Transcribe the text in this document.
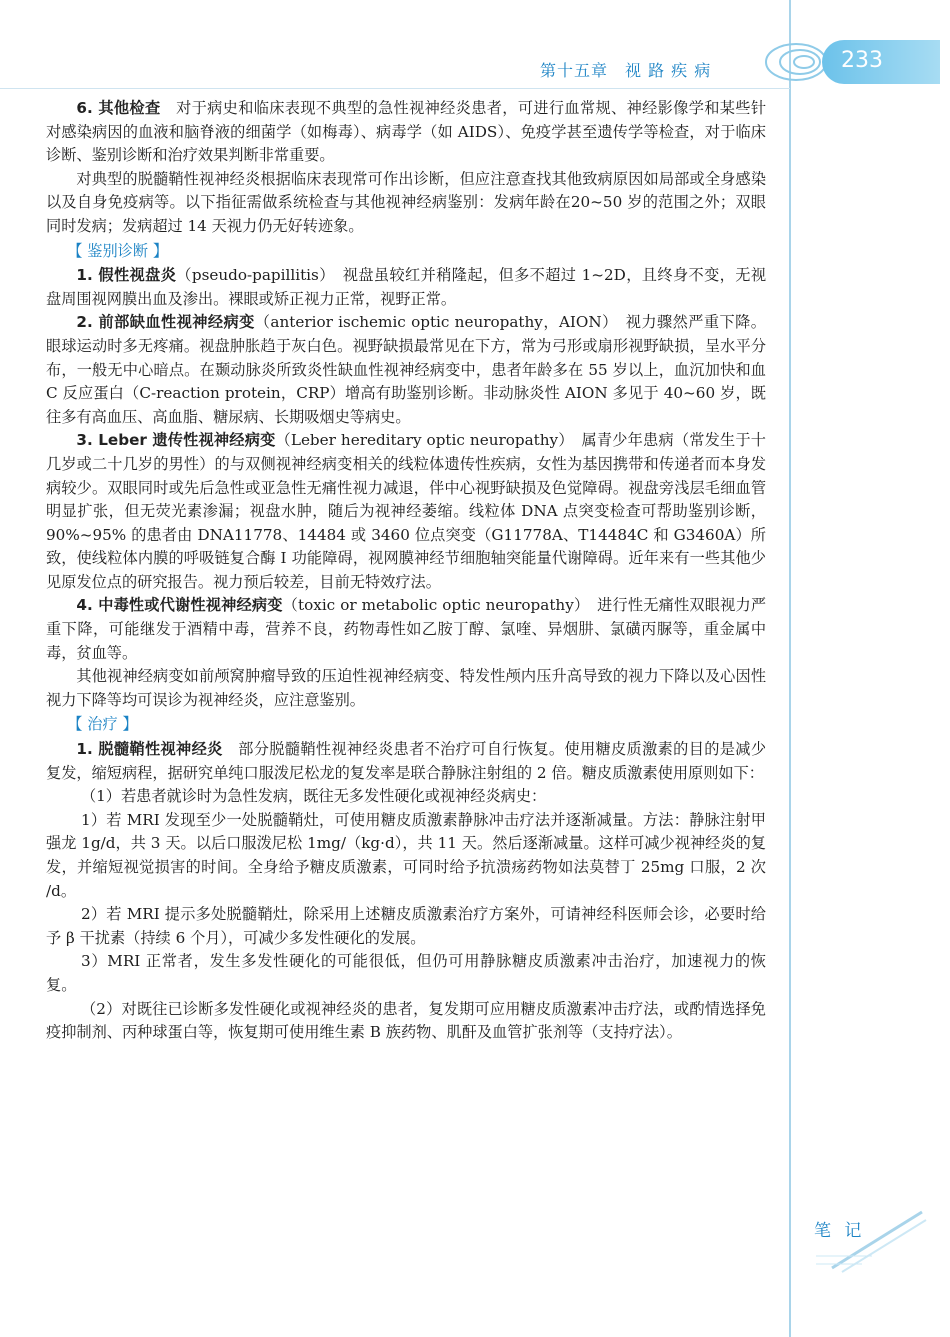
第十五章　视 路 疾 病	233

6. 其他检查　 对于病史和临床表现不典型的急性视神经炎患者，可进行血常规、神经影像学和某些针对感染病因的血液和脑脊液的细菌学（如梅毒）、病毒学（如 AIDS）、免疫学甚至遗传学等检查，对于临床诊断、鉴别诊断和治疗效果判断非常重要。

对典型的脱髓鞘性视神经炎根据临床表现常可作出诊断，但应注意查找其他致病原因如局部或全身感染以及自身免疫病等。以下指征需做系统检查与其他视神经病鉴别：发病年龄在20~50 岁的范围之外；双眼同时发病；发病超过 14 天视力仍无好转迹象。

【 鉴别诊断 】

1. 假性视盘炎（pseudo-papillitis）　视盘虽较红并稍隆起，但多不超过 1~2D，且终身不变，无视盘周围视网膜出血及渗出。裸眼或矫正视力正常，视野正常。

2. 前部缺血性视神经病变（anterior ischemic optic neuropathy，AION）　视力骤然严重下降。眼球运动时多无疼痛。视盘肿胀趋于灰白色。视野缺损最常见在下方，常为弓形或扇形视野缺损，呈水平分布，一般无中心暗点。在颞动脉炎所致炎性缺血性视神经病变中，患者年龄多在 55 岁以上，血沉加快和血 C 反应蛋白（C-reaction protein，CRP）增高有助鉴别诊断。非动脉炎性 AION 多见于 40~60 岁，既往多有高血压、高血脂、糖尿病、长期吸烟史等病史。

3. Leber 遗传性视神经病变（Leber hereditary optic neuropathy）　属青少年患病（常发生于十几岁或二十几岁的男性）的与双侧视神经病变相关的线粒体遗传性疾病，女性为基因携带和传递者而本身发病较少。双眼同时或先后急性或亚急性无痛性视力减退，伴中心视野缺损及色觉障碍。视盘旁浅层毛细血管明显扩张，但无荧光素渗漏；视盘水肿，随后为视神经萎缩。线粒体 DNA 点突变检查可帮助鉴别诊断，90%~95% 的患者由 DNA11778、14484 或 3460 位点突变（G11778A、T14484C 和 G3460A）所致，使线粒体内膜的呼吸链复合酶 Ⅰ 功能障碍，视网膜神经节细胞轴突能量代谢障碍。近年来有一些其他少见原发位点的研究报告。视力预后较差，目前无特效疗法。

4. 中毒性或代谢性视神经病变（toxic or metabolic optic neuropathy）　进行性无痛性双眼视力严重下降，可能继发于酒精中毒，营养不良，药物毒性如乙胺丁醇、氯喹、异烟肼、氯磺丙脲等，重金属中毒，贫血等。

其他视神经病变如前颅窝肿瘤导致的压迫性视神经病变、特发性颅内压升高导致的视力下降以及心因性视力下降等均可误诊为视神经炎，应注意鉴别。

【 治疗 】

1. 脱髓鞘性视神经炎　 部分脱髓鞘性视神经炎患者不治疗可自行恢复。使用糖皮质激素的目的是减少复发，缩短病程，据研究单纯口服泼尼松龙的复发率是联合静脉注射组的 2 倍。糖皮质激素使用原则如下：

（1）若患者就诊时为急性发病，既往无多发性硬化或视神经炎病史：

1）若 MRI 发现至少一处脱髓鞘灶，可使用糖皮质激素静脉冲击疗法并逐渐减量。方法：静脉注射甲强龙 1g/d，共 3 天。以后口服泼尼松 1mg/（kg·d），共 11 天。然后逐渐减量。这样可减少视神经炎的复发，并缩短视觉损害的时间。全身给予糖皮质激素，可同时给予抗溃疡药物如法莫替丁 25mg 口服，2 次 /d。

2）若 MRI 提示多处脱髓鞘灶，除采用上述糖皮质激素治疗方案外，可请神经科医师会诊，必要时给予 β 干扰素（持续 6 个月），可减少多发性硬化的发展。

3）MRI 正常者，发生多发性硬化的可能很低，但仍可用静脉糖皮质激素冲击治疗，加速视力的恢复。

（2）对既往已诊断多发性硬化或视神经炎的患者，复发期可应用糖皮质激素冲击疗法，或酌情选择免疫抑制剂、丙种球蛋白等，恢复期可使用维生素 B 族药物、肌酐及血管扩张剂等（支持疗法）。

笔 记
